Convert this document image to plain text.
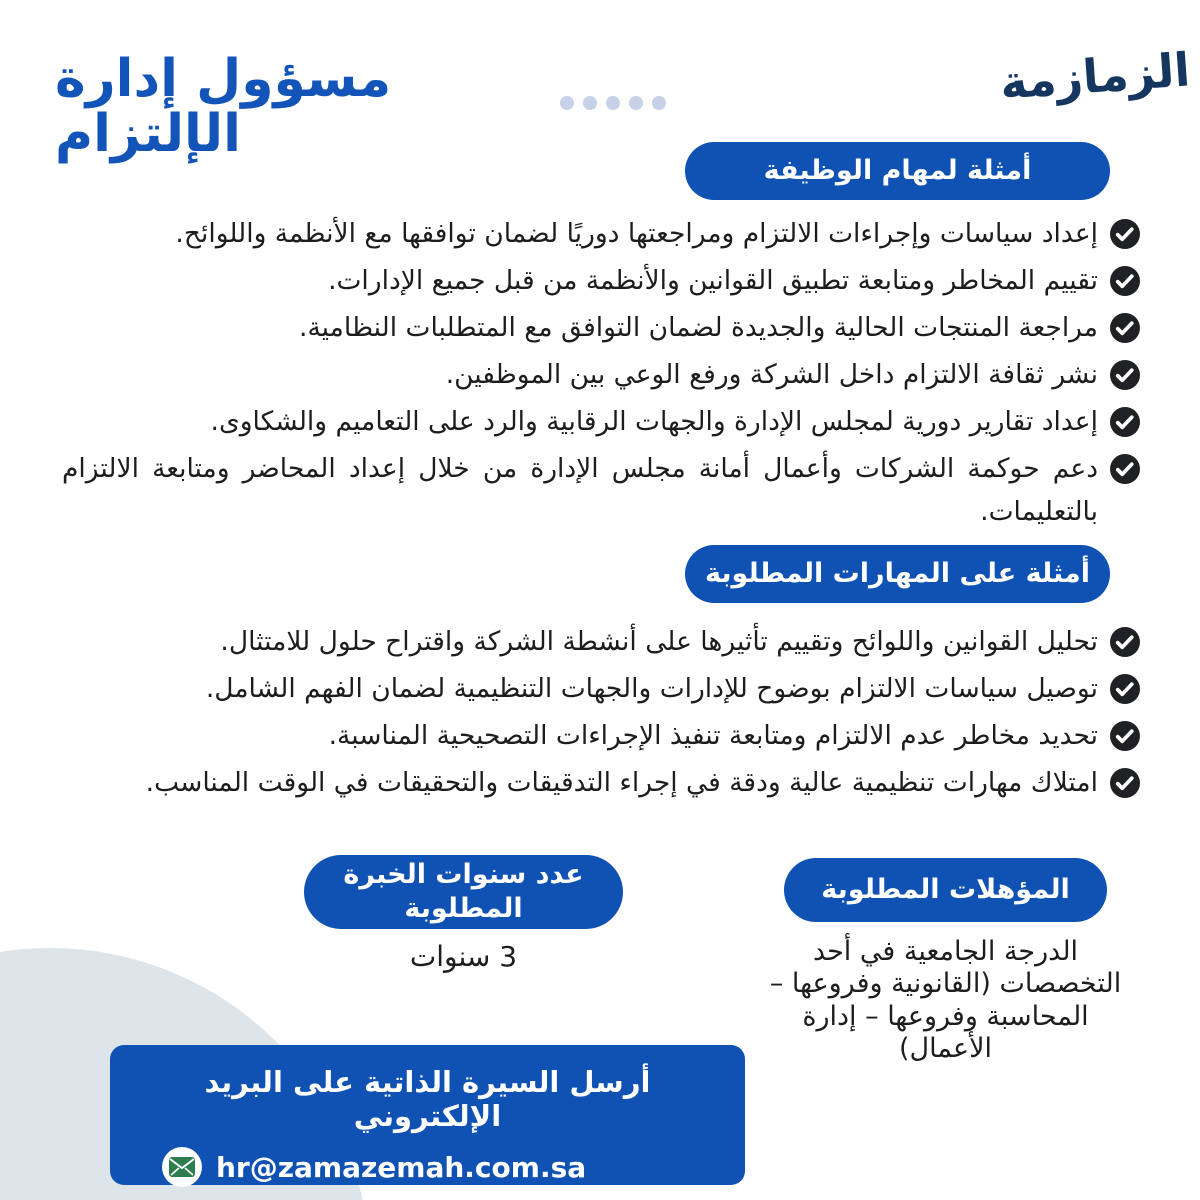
مسؤول إدارة الإلتزام
الزمازمة
أمثلة لمهام الوظيفة

إعداد سياسات وإجراءات الالتزام ومراجعتها دوريًا لضمان توافقها مع الأنظمة واللوائح.

تقييم المخاطر ومتابعة تطبيق القوانين والأنظمة من قبل جميع الإدارات.

مراجعة المنتجات الحالية والجديدة لضمان التوافق مع المتطلبات النظامية.

نشر ثقافة الالتزام داخل الشركة ورفع الوعي بين الموظفين.

إعداد تقارير دورية لمجلس الإدارة والجهات الرقابية والرد على التعاميم والشكاوى.

دعم حوكمة الشركات وأعمال أمانة مجلس الإدارة من خلال إعداد المحاضر ومتابعة الالتزام بالتعليمات.

أمثلة على المهارات المطلوبة

تحليل القوانين واللوائح وتقييم تأثيرها على أنشطة الشركة واقتراح حلول للامتثال.

توصيل سياسات الالتزام بوضوح للإدارات والجهات التنظيمية لضمان الفهم الشامل.

تحديد مخاطر عدم الالتزام ومتابعة تنفيذ الإجراءات التصحيحية المناسبة.

امتلاك مهارات تنظيمية عالية ودقة في إجراء التدقيقات والتحقيقات في الوقت المناسب.

عدد سنوات الخبرة المطلوبة
3 سنوات
المؤهلات المطلوبة
الدرجة الجامعية في أحد التخصصات (القانونية وفروعها – المحاسبة وفروعها – إدارة الأعمال)
أرسل السيرة الذاتية على البريد الإلكتروني
hr@zamazemah.com.sa
